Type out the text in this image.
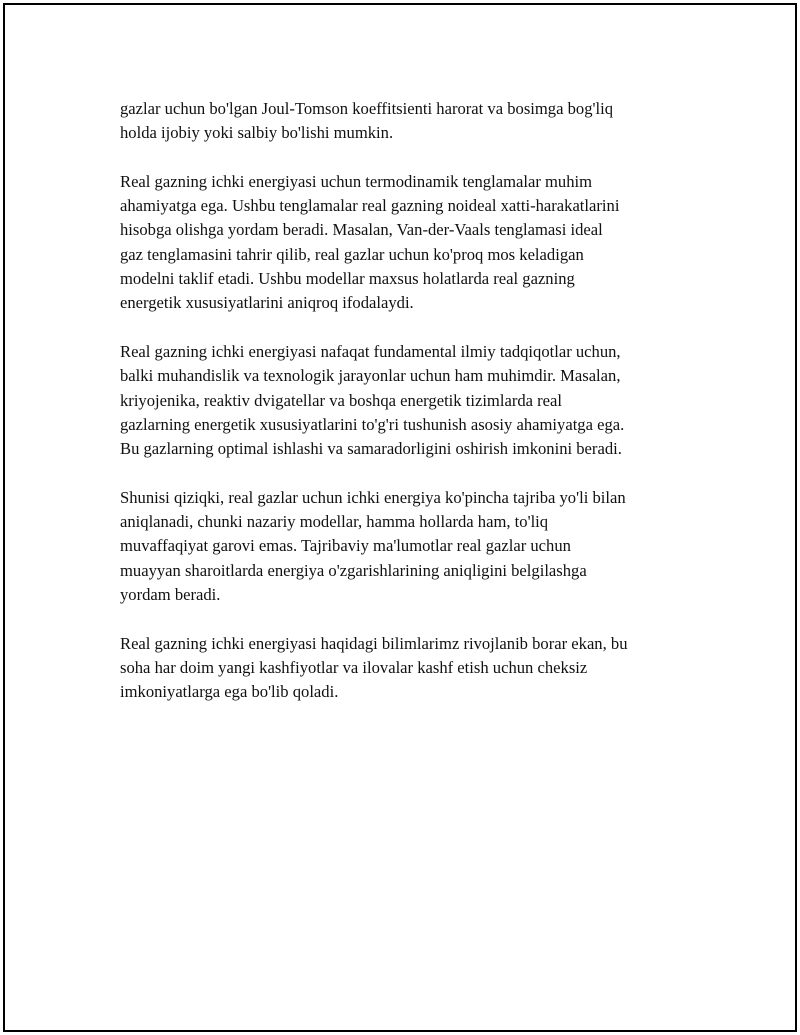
gazlar uchun bo'lgan Joul-Tomson koeffitsienti harorat va bosimga bog'liq
holda ijobiy yoki salbiy bo'lishi mumkin.

Real gazning ichki energiyasi uchun termodinamik tenglamalar muhim
ahamiyatga ega. Ushbu tenglamalar real gazning noideal xatti-harakatlarini
hisobga olishga yordam beradi. Masalan, Van-der-Vaals tenglamasi ideal
gaz tenglamasini tahrir qilib, real gazlar uchun ko'proq mos keladigan
modelni taklif etadi. Ushbu modellar maxsus holatlarda real gazning
energetik xususiyatlarini aniqroq ifodalaydi.

Real gazning ichki energiyasi nafaqat fundamental ilmiy tadqiqotlar uchun,
balki muhandislik va texnologik jarayonlar uchun ham muhimdir. Masalan,
kriyojenika, reaktiv dvigatellar va boshqa energetik tizimlarda real
gazlarning energetik xususiyatlarini to'g'ri tushunish asosiy ahamiyatga ega.
Bu gazlarning optimal ishlashi va samaradorligini oshirish imkonini beradi.

Shunisi qiziqki, real gazlar uchun ichki energiya ko'pincha tajriba yo'li bilan
aniqlanadi, chunki nazariy modellar, hamma hollarda ham, to'liq
muvaffaqiyat garovi emas. Tajribaviy ma'lumotlar real gazlar uchun
muayyan sharoitlarda energiya o'zgarishlarining aniqligini belgilashga
yordam beradi.

Real gazning ichki energiyasi haqidagi bilimlarimz rivojlanib borar ekan, bu
soha har doim yangi kashfiyotlar va ilovalar kashf etish uchun cheksiz
imkoniyatlarga ega bo'lib qoladi.
